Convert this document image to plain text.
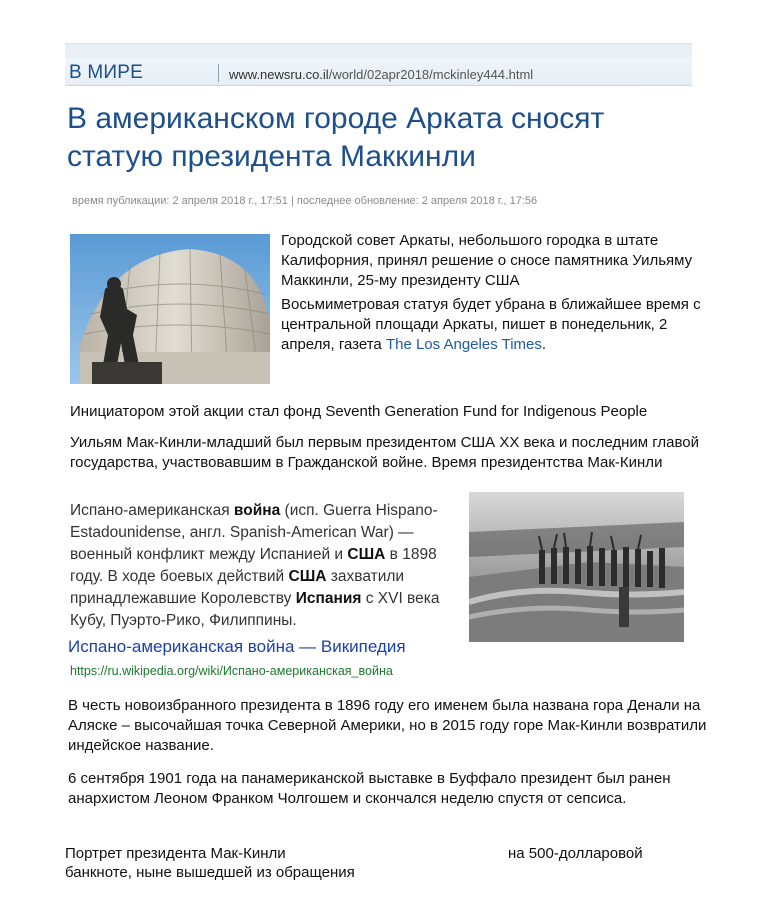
В МИРЕ	www.newsru.co.il/world/02apr2018/mckinley444.html
В американском городе Арката сносят статую президента Маккинли
время публикации: 2 апреля 2018 г., 17:51 | последнее обновление: 2 апреля 2018 г., 17:56

Городской совет Аркаты, небольшого городка в штате Калифорния, принял решение о сносе памятника Уильяму Маккинли, 25-му президенту США

Восьмиметровая статуя будет убрана в ближайшее время с центральной площади Аркаты, пишет в понедельник, 2 апреля, газета The Los Angeles Times.

Инициатором этой акции стал фонд Seventh Generation Fund for Indigenous People

Уильям Мак-Кинли-младший был первым президентом США XX века и последним главой государства, участвовавшим в Гражданской войне. Время президентства Мак-Кинли

Испано-американская война (исп. Guerra Hispano-Estadounidense, англ. Spanish-American War) — военный конфликт между Испанией и США в 1898 году. В ходе боевых действий США захватили принадлежавшие Королевству Испания с XVI века Кубу, Пуэрто-Рико, Филиппины.
Испано-американская война — Википедия
https://ru.wikipedia.org/wiki/Испано-американская_война

В честь новоизбранного президента в 1896 году его именем была названа гора Денали на Аляске – высочайшая точка Северной Америки, но в 2015 году горе Мак-Кинли возвратили индейское название.

6 сентября 1901 года на панамериканской выставке в Буффало президент был ранен анархистом Леоном Франком Чолгошем и скончался неделю спустя от сепсиса.

Портрет президента Мак-Кинли	на 500-долларовой
банкноте, ныне вышедшей из обращения
